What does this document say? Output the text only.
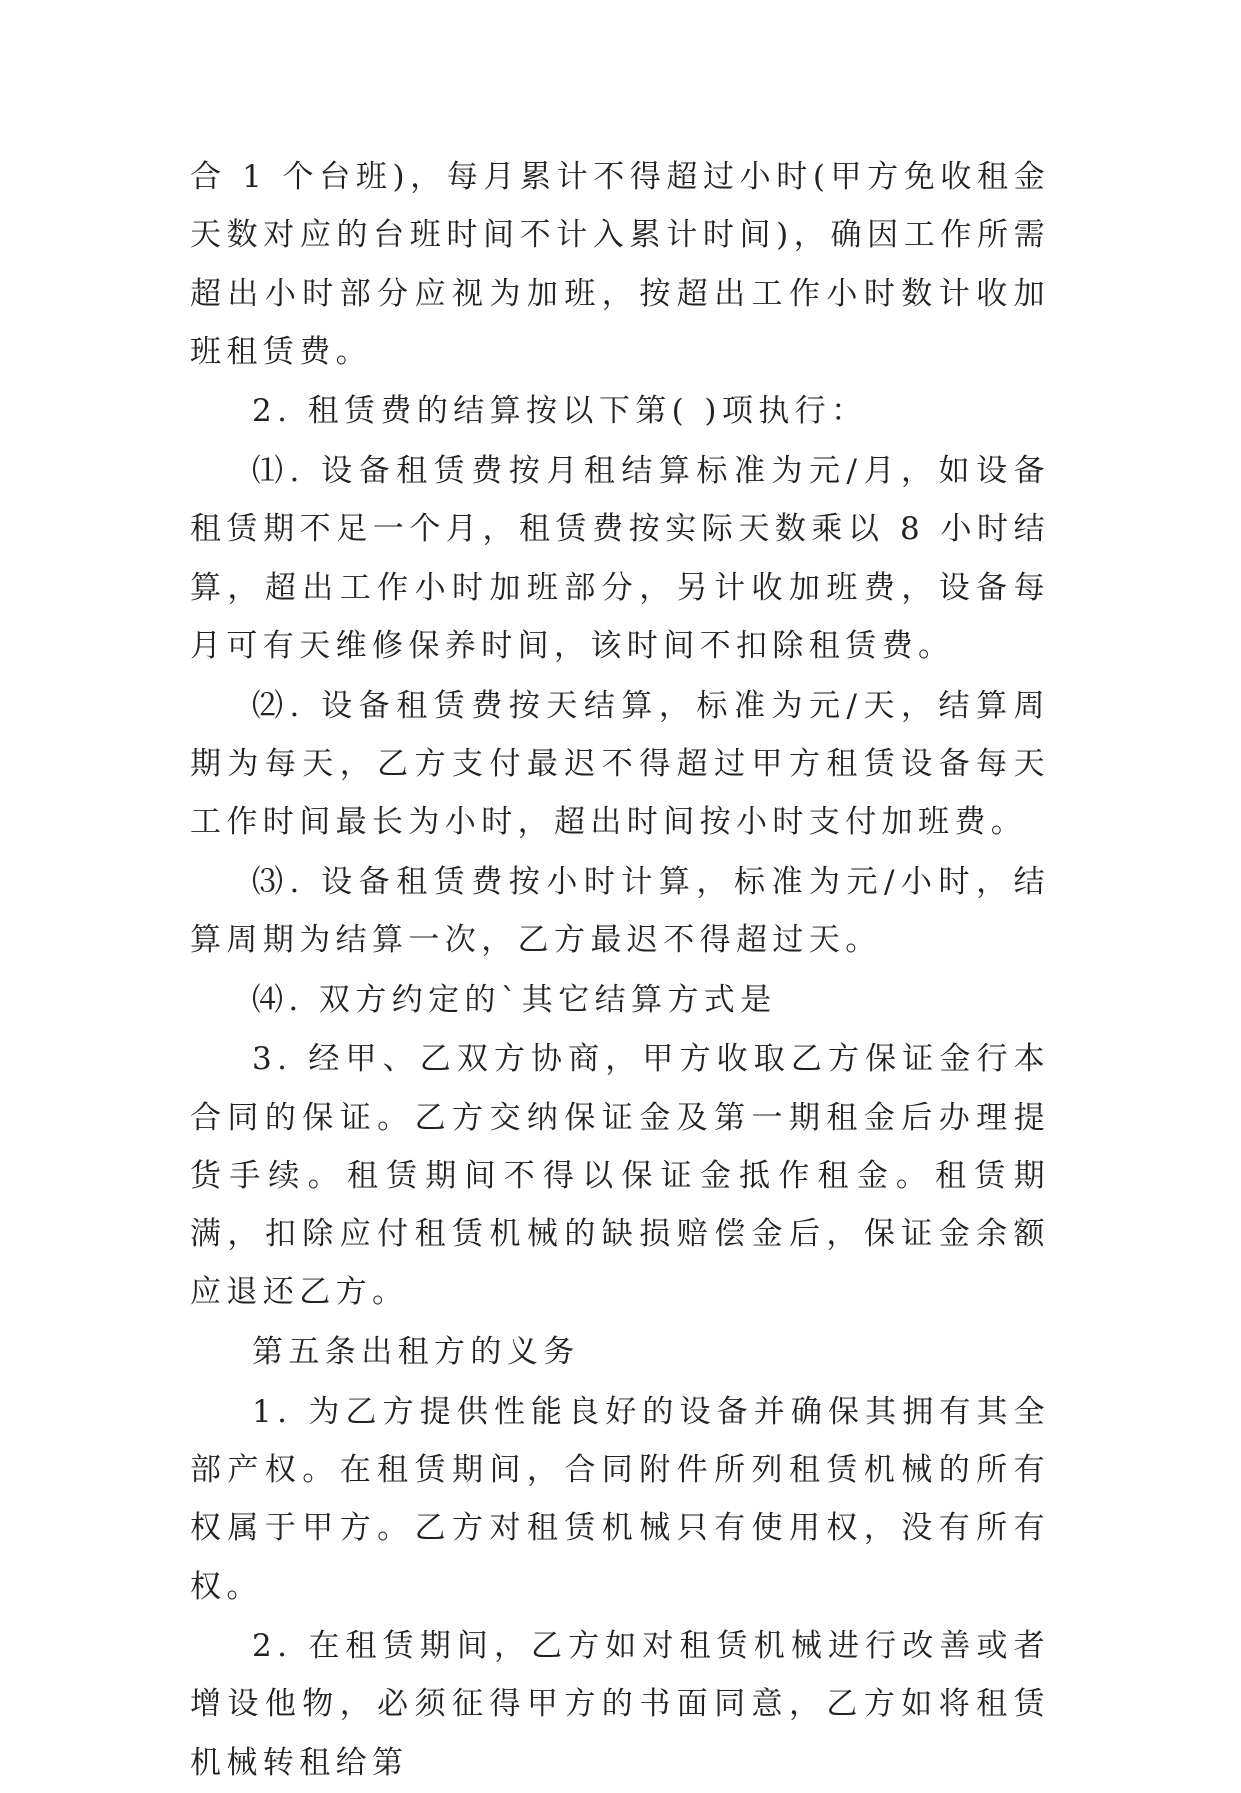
合 1 个台班)，每月累计不得超过小时(甲方免收租金天数对应的台班时间不计入累计时间)，确因工作所需超出小时部分应视为加班，按超出工作小时数计收加班租赁费。

2. 租赁费的结算按以下第( )项执行：

⑴. 设备租赁费按月租结算标准为元/月，如设备租赁期不足一个月，租赁费按实际天数乘以 8 小时结算，超出工作小时加班部分，另计收加班费，设备每月可有天维修保养时间，该时间不扣除租赁费。

⑵. 设备租赁费按天结算，标准为元/天，结算周期为每天，乙方支付最迟不得超过甲方租赁设备每天工作时间最长为小时，超出时间按小时支付加班费。

⑶. 设备租赁费按小时计算，标准为元/小时，结算周期为结算一次，乙方最迟不得超过天。

⑷. 双方约定的`其它结算方式是

3. 经甲、乙双方协商，甲方收取乙方保证金行本合同的保证。乙方交纳保证金及第一期租金后办理提货手续。租赁期间不得以保证金抵作租金。租赁期满，扣除应付租赁机械的缺损赔偿金后，保证金余额应退还乙方。

第五条出租方的义务

1. 为乙方提供性能良好的设备并确保其拥有其全部产权。在租赁期间，合同附件所列租赁机械的所有权属于甲方。乙方对租赁机械只有使用权，没有所有权。

2. 在租赁期间，乙方如对租赁机械进行改善或者增设他物，必须征得甲方的书面同意，乙方如将租赁机械转租给第
